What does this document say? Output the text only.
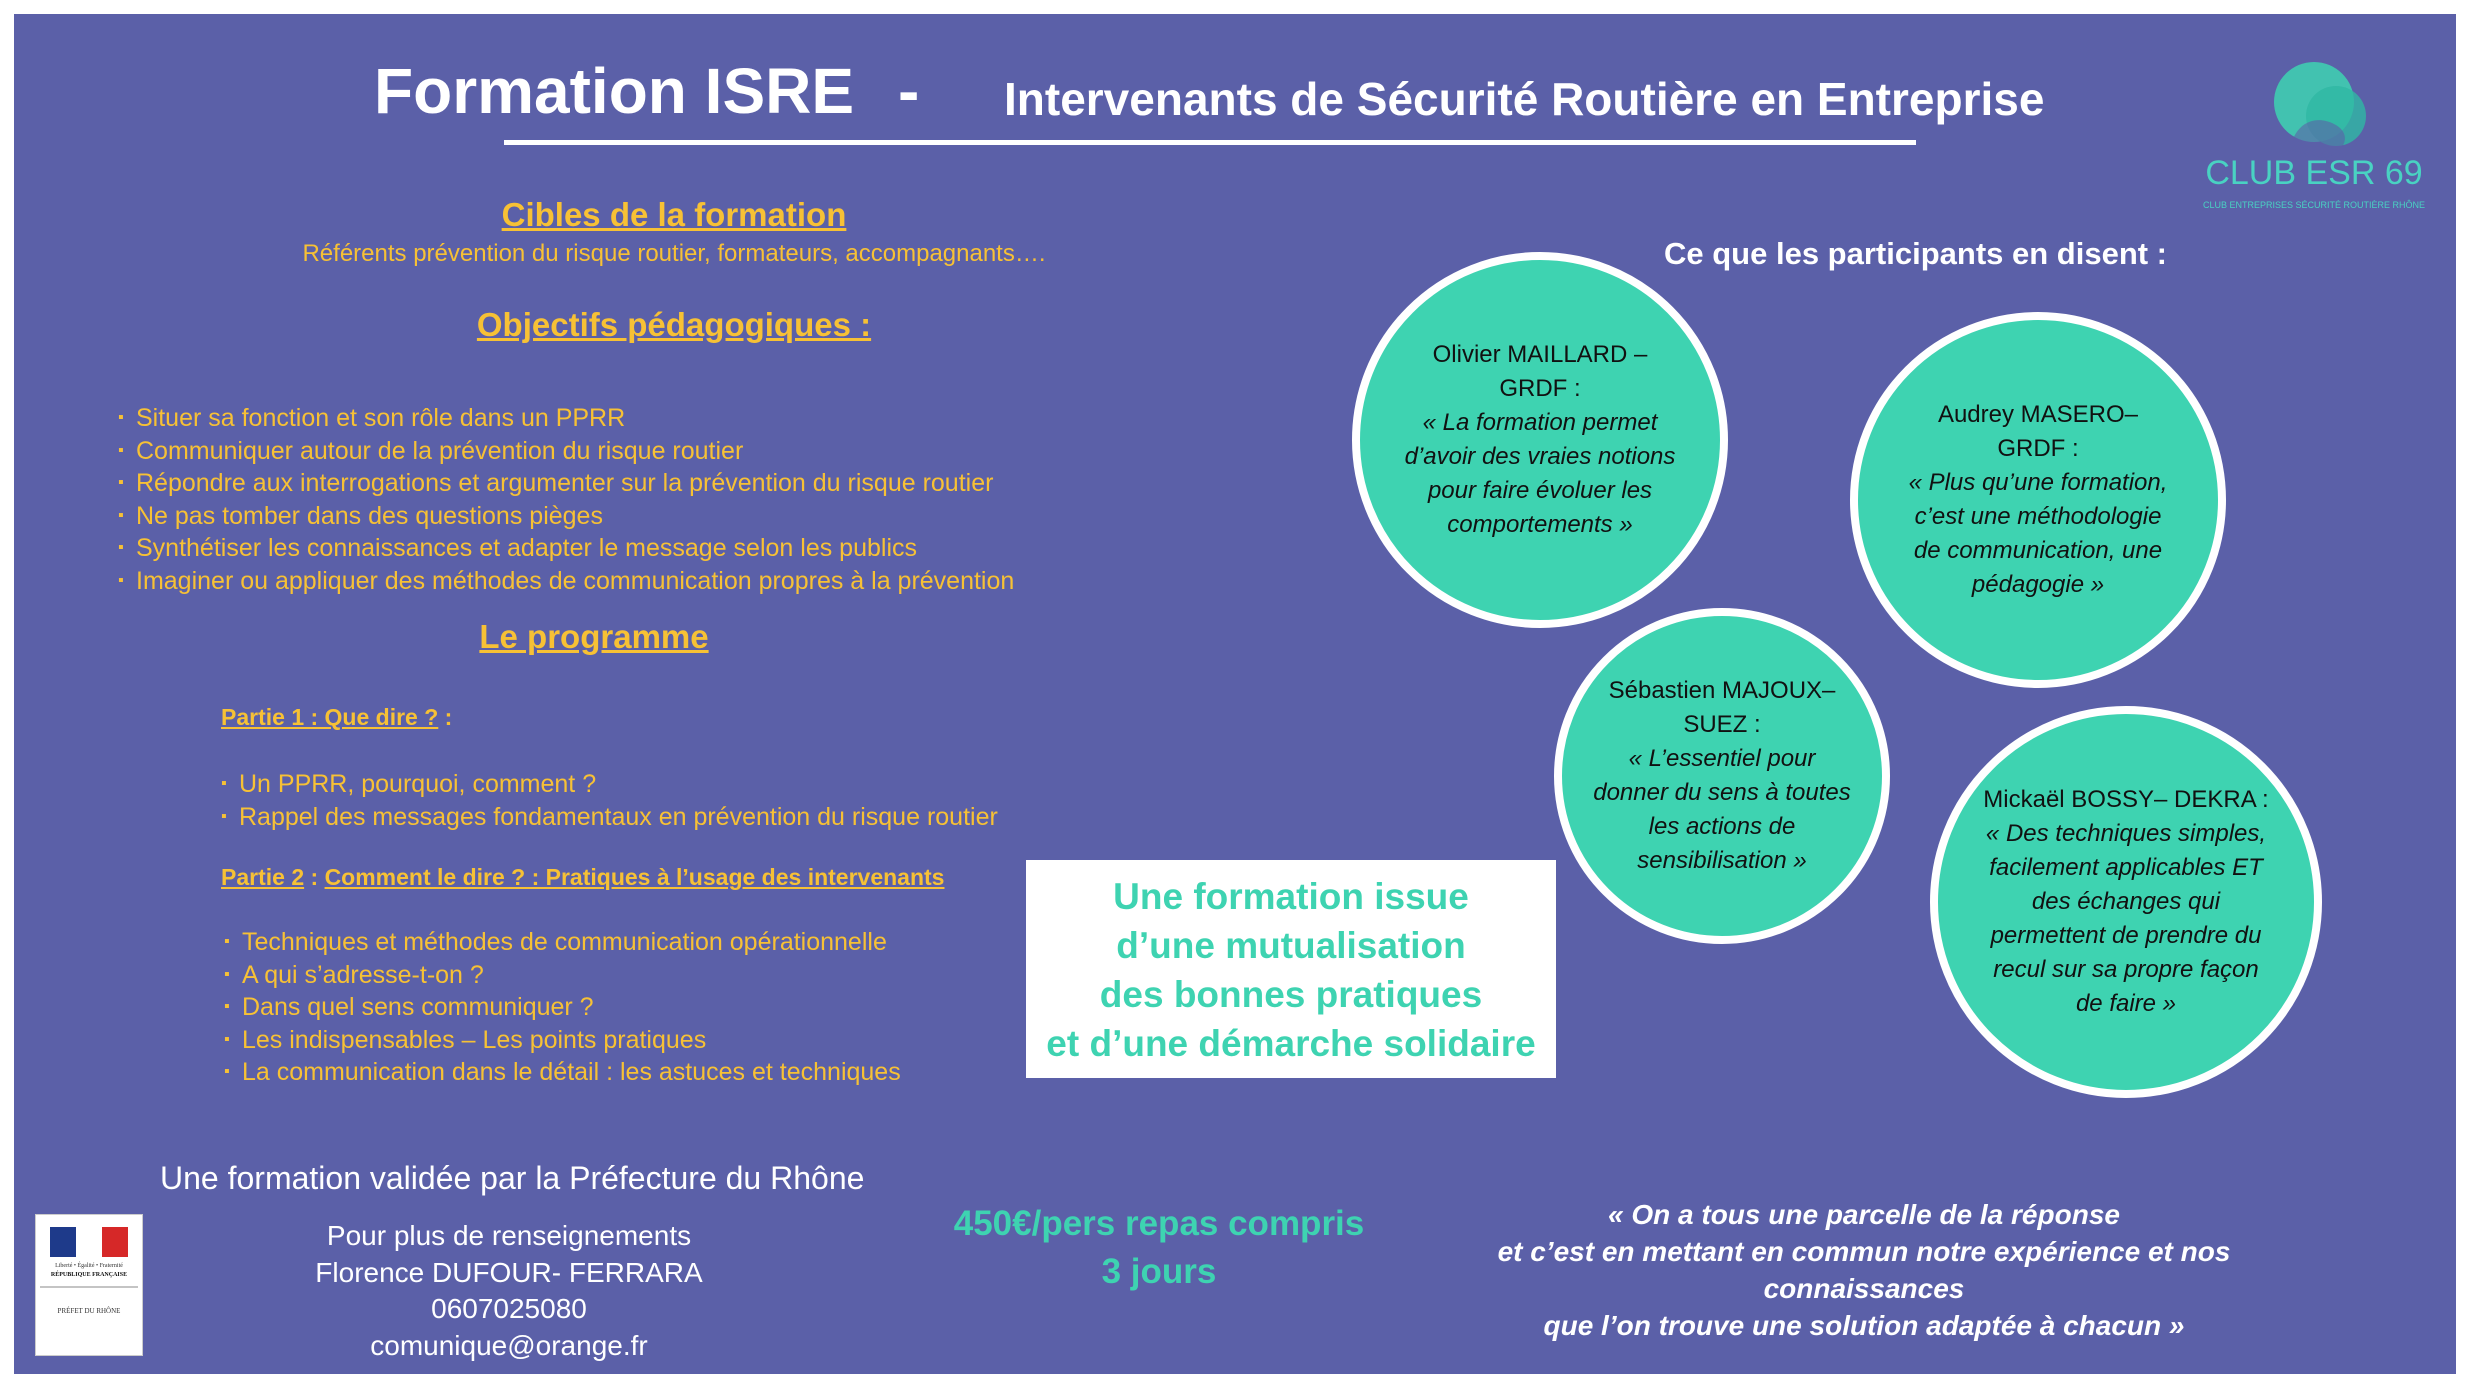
Formation ISRE - Intervenants de Sécurité Routière en Entreprise
CLUB ESR 69
CLUB ENTREPRISES SÉCURITÉ ROUTIÈRE RHÔNE
Cibles de la formation
Référents prévention du risque routier, formateurs, accompagnants….
Objectifs pédagogiques :
▪ Situer sa fonction et son rôle dans un PPRR
▪ Communiquer autour de la prévention du risque routier
▪ Répondre aux interrogations et argumenter sur la prévention du risque routier
▪ Ne pas tomber dans des questions pièges
▪ Synthétiser les connaissances et adapter le message selon les publics
▪ Imaginer ou appliquer des méthodes de communication propres à la prévention
Le programme
Partie 1 : Que dire ? :
▪ Un PPRR, pourquoi, comment ?
▪ Rappel des messages fondamentaux en prévention du risque routier
Partie 2 : Comment le dire ? : Pratiques à l’usage des intervenants
▪ Techniques et méthodes de communication opérationnelle
▪ A qui s’adresse-t-on ?
▪ Dans quel sens communiquer ?
▪ Les indispensables – Les points pratiques
▪ La communication dans le détail : les astuces et techniques
Une formation issue
d’une mutualisation
des bonnes pratiques
et d’une démarche solidaire
Ce que les participants en disent :
Olivier MAILLARD – GRDF :
« La formation permet d’avoir des vraies notions pour faire évoluer les comportements »
Audrey MASERO– GRDF :
« Plus qu’une formation, c’est une méthodologie de communication, une pédagogie »
Sébastien MAJOUX– SUEZ :
« L’essentiel pour donner du sens à toutes les actions de sensibilisation »
Mickaël BOSSY– DEKRA :
« Des techniques simples, facilement applicables ET des échanges qui permettent de prendre du recul sur sa propre façon de faire »
Une formation validée par la Préfecture du Rhône
Liberté • Égalité • Fraternité
RÉPUBLIQUE FRANÇAISE
PRÉFET DU RHÔNE
Pour plus de renseignements
Florence DUFOUR- FERRARA
0607025080
comunique@orange.fr
450€/pers repas compris
3 jours
« On a tous une parcelle de la réponse
et c’est en mettant en commun notre expérience et nos connaissances
que l’on trouve une solution adaptée à chacun »
